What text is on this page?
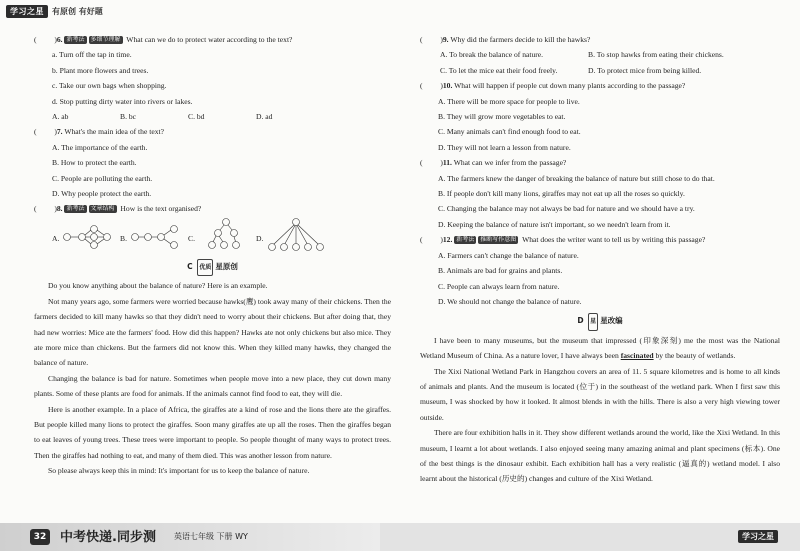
学习之星	有原创 有好题
( )6. 新考法 多细节理解 What can we do to protect water according to the text?
a. Turn off the tap in time.
b. Plant more flowers and trees.
c. Take our own bags when shopping.
d. Stop putting dirty water into rivers or lakes.
A. ab	B. bc	C. bd	D. ad
( )7. What's the main idea of the text?
A. The importance of the earth.
B. How to protect the earth.
C. People are polluting the earth.
D. Why people protect the earth.
( )8. 新考法 文章结构 How is the text organised?
A.	B.	C.	D.
C 优质 星原创
Do you know anything about the balance of nature? Here is an example.
Not many years ago, some farmers were worried because hawks(鹰) took away many of their chickens. Then the farmers decided to kill many hawks so that they didn't need to worry about their chickens. But after doing that, they had new worries: Mice ate the farmers' food. How did this happen? Hawks ate not only chickens but also mice. They ate more mice than chickens. But the farmers did not know this. When they killed many hawks, they changed the balance of nature.
Changing the balance is bad for nature. Sometimes when people move into a new place, they cut down many plants. Some of these plants are food for animals. If the animals cannot find food to eat, they will die.
Here is another example. In a place of Africa, the giraffes ate a kind of rose and the lions there ate the giraffes. But people killed many lions to protect the giraffes. Soon many giraffes ate up all the roses. Then the giraffes began to eat leaves of young trees. These trees were important to people. So people thought of many ways to protect trees. Then the giraffes had nothing to eat, and many of them died. This was another lesson from nature.
So please always keep this in mind: It's important for us to keep the balance of nature.
( )9. Why did the farmers decide to kill the hawks?
A. To break the balance of nature.	B. To stop hawks from eating their chickens.
C. To let the mice eat their food freely.	D. To protect mice from being killed.
( )10. What will happen if people cut down many plants according to the passage?
A. There will be more space for people to live.
B. They will grow more vegetables to eat.
C. Many animals can't find enough food to eat.
D. They will not learn a lesson from nature.
( )11. What can we infer from the passage?
A. The farmers knew the danger of breaking the balance of nature but still chose to do that.
B. If people don't kill many lions, giraffes may not eat up all the roses so quickly.
C. Changing the balance may not always be bad for nature and we should have a try.
D. Keeping the balance of nature isn't important, so we needn't learn from it.
( )12. 新考法 推断写作意图 What does the writer want to tell us by writing this passage?
A. Farmers can't change the balance of nature.
B. Animals are bad for grains and plants.
C. People can always learn from nature.
D. We should not change the balance of nature.
D 星 星改编
I have been to many museums, but the museum that impressed (印象深刻) me the most was the National Wetland Museum of China. As a nature lover, I have always been fascinated by the beauty of wetlands.
The Xixi National Wetland Park in Hangzhou covers an area of 11. 5 square kilometres and is home to all kinds of animals and plants. And the museum is located (位于) in the southeast of the wetland park. When I first saw this museum, I was shocked by how it looked. It almost blends in with the hills. There is also a very high viewing tower outside.
There are four exhibition halls in it. They show different wetlands around the world, like the Xixi Wetland. In this museum, I learnt a lot about wetlands. I also enjoyed seeing many amazing animal and plant specimens (标本). One of the best things is the dinosaur exhibit. Each exhibition hall has a very realistic (逼真的) wetland model. I also learnt about the historical (历史的) changes and culture of the Xixi Wetland.
32 中考快递.同步测 英语七年级 下册 WY	学习之星
